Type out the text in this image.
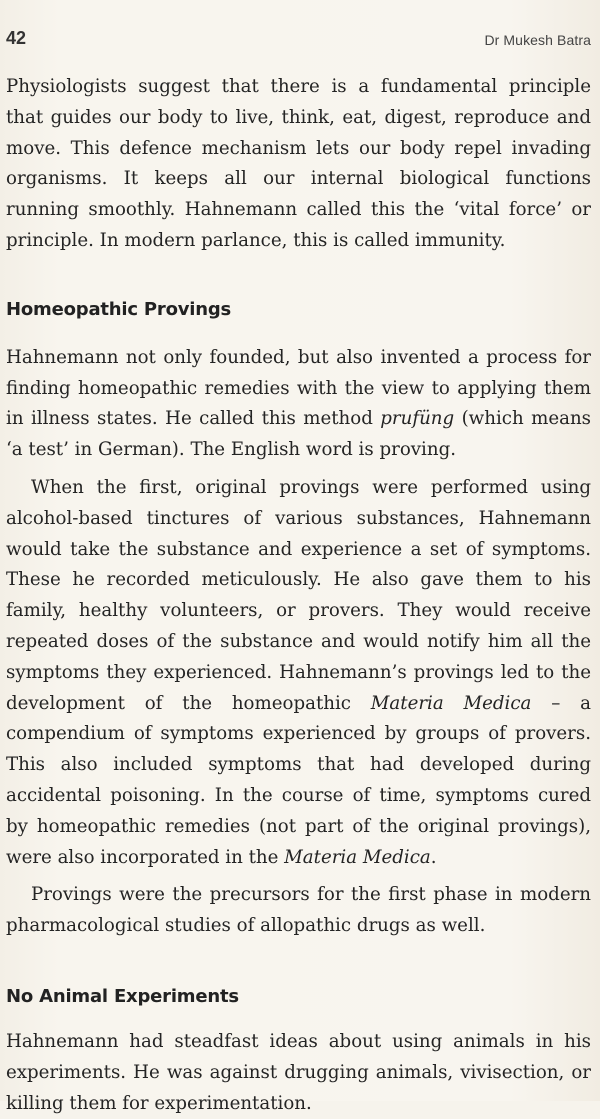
42	Dr Mukesh Batra

Physiologists suggest that there is a fundamental principle that guides our body to live, think, eat, digest, reproduce and move. This defence mechanism lets our body repel invading organisms. It keeps all our internal biological functions running smoothly. Hahnemann called this the ‘vital force’ or principle. In modern parlance, this is called immunity.

Homeopathic Provings

Hahnemann not only founded, but also invented a process for finding homeopathic remedies with the view to applying them in illness states. He called this method prufüng (which means ‘a test’ in German). The English word is proving.

When the first, original provings were performed using alcohol-based tinctures of various substances, Hahnemann would take the substance and experience a set of symptoms. These he recorded meticulously. He also gave them to his family, healthy volunteers, or provers. They would receive repeated doses of the substance and would notify him all the symptoms they experienced. Hahnemann’s provings led to the development of the homeopathic Materia Medica – a compendium of symptoms experienced by groups of provers. This also included symptoms that had developed during accidental poisoning. In the course of time, symptoms cured by homeopathic remedies (not part of the original provings), were also incorporated in the Materia Medica.

Provings were the precursors for the first phase in modern pharmacological studies of allopathic drugs as well.

No Animal Experiments

Hahnemann had steadfast ideas about using animals in his experiments. He was against drugging animals, vivisection, or killing them for experimentation.
